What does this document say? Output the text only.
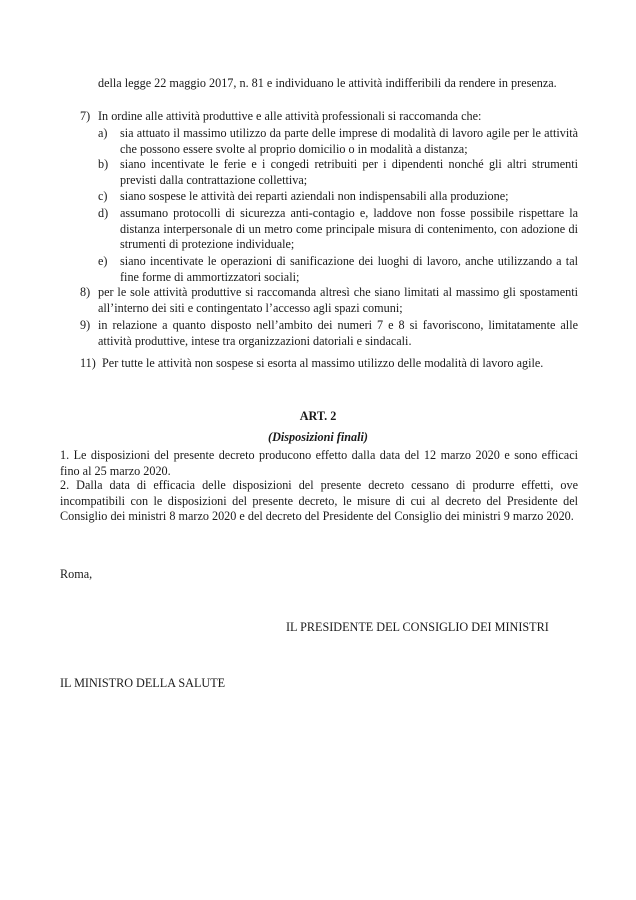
della legge 22 maggio 2017, n. 81 e individuano le attività indifferibili da rendere in presenza.
7) In ordine alle attività produttive e alle attività professionali si raccomanda che:
a) sia attuato il massimo utilizzo da parte delle imprese di modalità di lavoro agile per le attività che possono essere svolte al proprio domicilio o in modalità a distanza;
b) siano incentivate le ferie e i congedi retribuiti per i dipendenti nonché gli altri strumenti previsti dalla contrattazione collettiva;
c) siano sospese le attività dei reparti aziendali non indispensabili alla produzione;
d) assumano protocolli di sicurezza anti-contagio e, laddove non fosse possibile rispettare la distanza interpersonale di un metro come principale misura di contenimento, con adozione di strumenti di protezione individuale;
e) siano incentivate le operazioni di sanificazione dei luoghi di lavoro, anche utilizzando a tal fine forme di ammortizzatori sociali;
8) per le sole attività produttive si raccomanda altresì che siano limitati al massimo gli spostamenti all’interno dei siti e contingentato l’accesso agli spazi comuni;
9) in relazione a quanto disposto nell’ambito dei numeri 7 e 8 si favoriscono, limitatamente alle attività produttive, intese tra organizzazioni datoriali e sindacali.
11) Per tutte le attività non sospese si esorta al massimo utilizzo delle modalità di lavoro agile.
ART. 2
(Disposizioni finali)
1. Le disposizioni del presente decreto producono effetto dalla data del 12 marzo 2020 e sono efficaci fino al 25 marzo 2020.
2. Dalla data di efficacia delle disposizioni del presente decreto cessano di produrre effetti, ove incompatibili con le disposizioni del presente decreto, le misure di cui al decreto del Presidente del Consiglio dei ministri 8 marzo 2020 e del decreto del Presidente del Consiglio dei ministri 9 marzo 2020.
Roma,
IL PRESIDENTE DEL CONSIGLIO DEI MINISTRI
IL MINISTRO DELLA SALUTE
